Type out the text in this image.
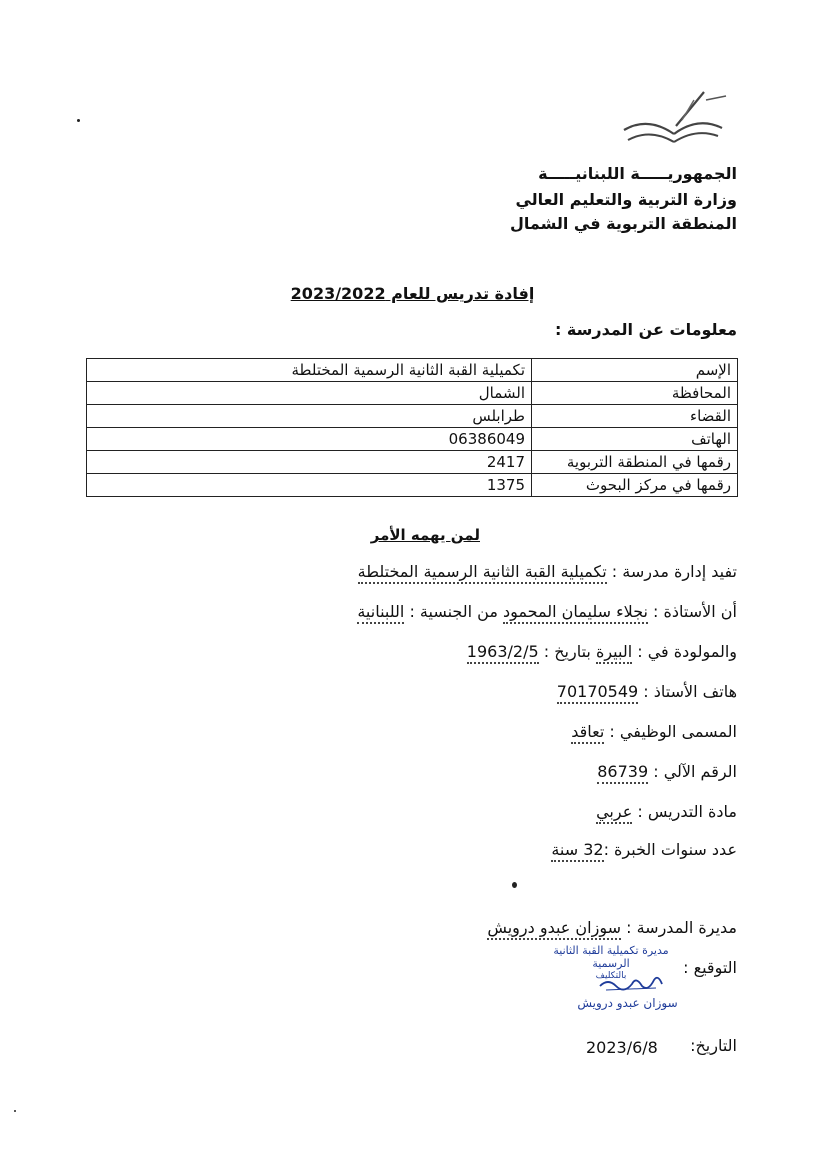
الجمهوريـــــة اللبنانيـــــة
وزارة التربية والتعليم العالي
المنطقة التربوية في الشمال
إفادة تدريس للعام 2023/2022
معلومات عن المدرسة :
الإسم	تكميلية القبة الثانية الرسمية المختلطة
المحافظة	الشمال
القضاء	طرابلس
الهاتف	06386049
رقمها في المنطقة التربوية	2417
رقمها في مركز البحوث	1375
لمن يهمه الأمر
تفيد إدارة مدرسة : تكميلية القبة الثانية الرسمية المختلطة
أن الأستاذة : نجلاء سليمان المحمود من الجنسية : اللبنانية
والمولودة في : البيرة بتاريخ : 1963/2/5
هاتف الأستاذ : 70170549
المسمى الوظيفي : تعاقد
الرقم الآلي : 86739
مادة التدريس : عربي
عدد سنوات الخبرة :32 سنة
مديرة المدرسة : سوزان عبدو درويش
التوقيع :
مديرة تكميلية القبة الثانية الرسمية
بالتكليف
سوزان عبدو درويش
التاريخ:
2023/6/8
